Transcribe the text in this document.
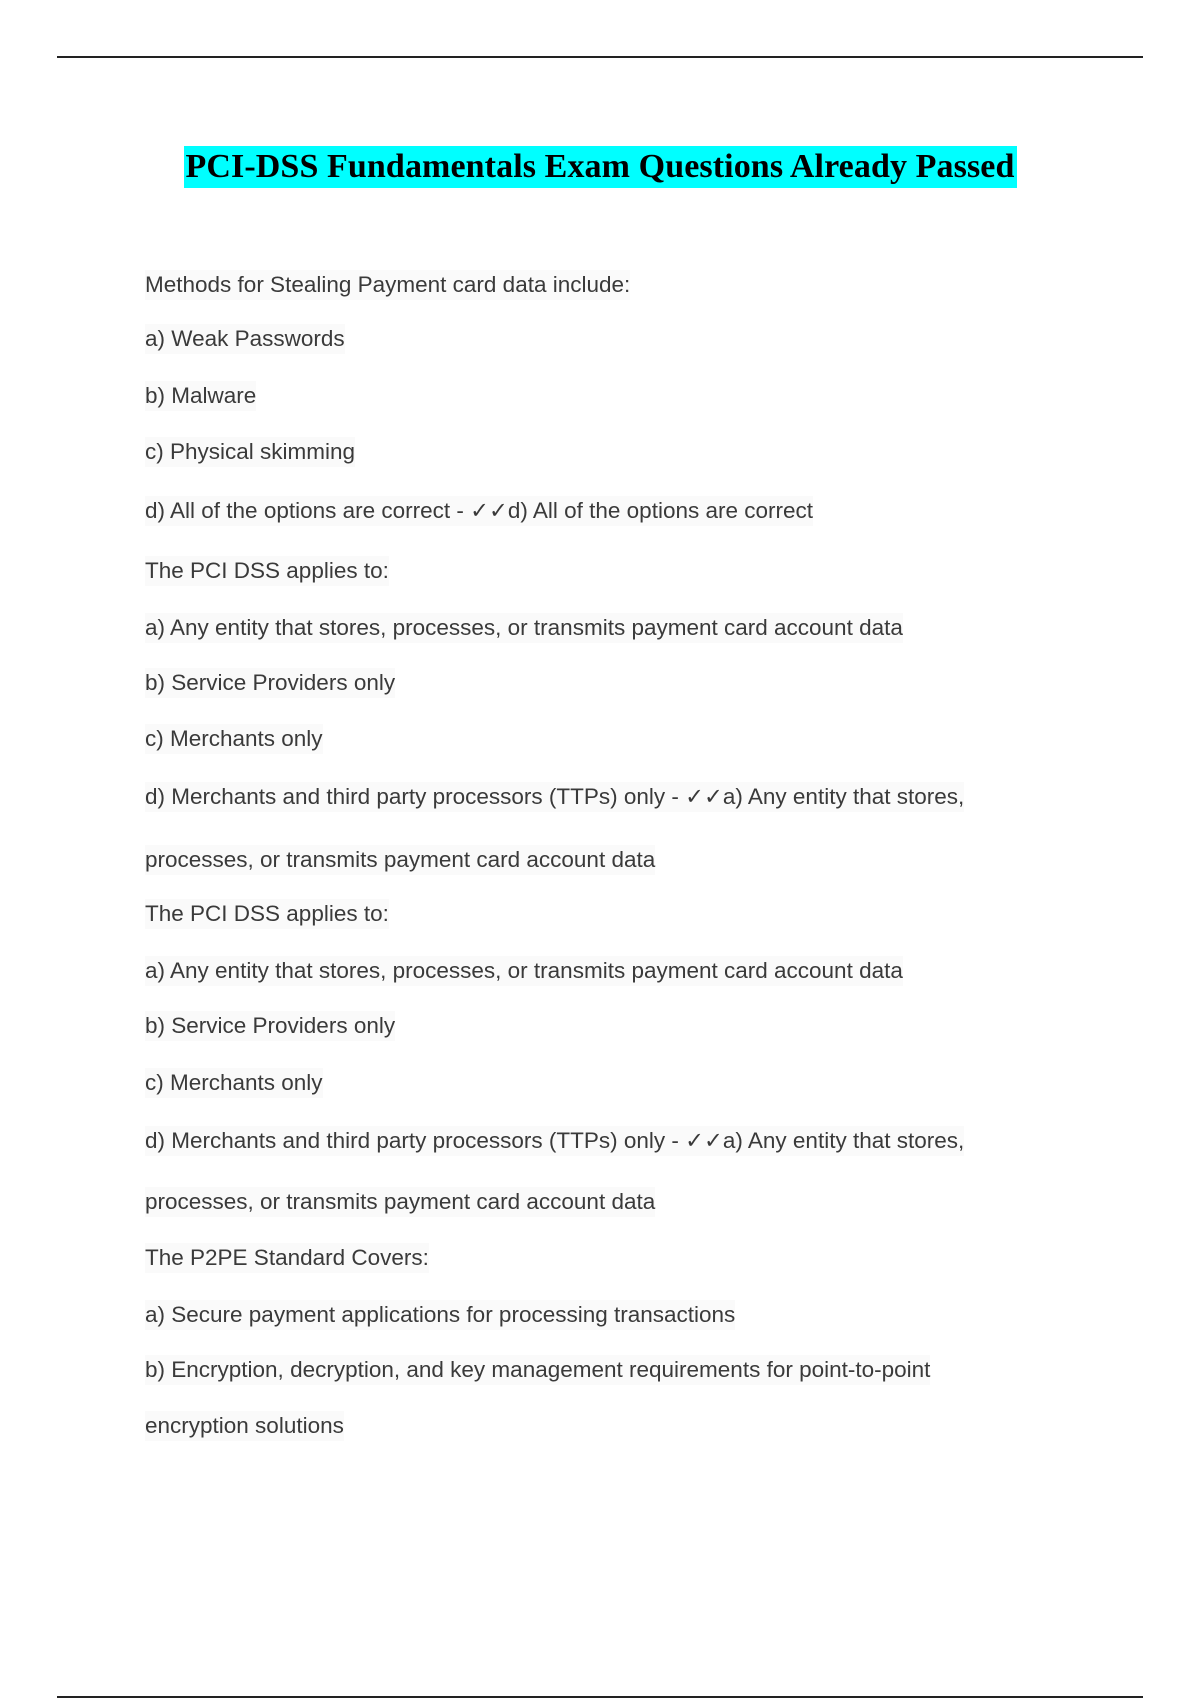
PCI-DSS Fundamentals Exam Questions Already Passed
Methods for Stealing Payment card data include:
a) Weak Passwords
b) Malware
c) Physical skimming
d) All of the options are correct - ✓✓d) All of the options are correct
The PCI DSS applies to:
a) Any entity that stores, processes, or transmits payment card account data
b) Service Providers only
c) Merchants only
d) Merchants and third party processors (TTPs) only - ✓✓a) Any entity that stores,
processes, or transmits payment card account data
The PCI DSS applies to:
a) Any entity that stores, processes, or transmits payment card account data
b) Service Providers only
c) Merchants only
d) Merchants and third party processors (TTPs) only - ✓✓a) Any entity that stores,
processes, or transmits payment card account data
The P2PE Standard Covers:
a) Secure payment applications for processing transactions
b) Encryption, decryption, and key management requirements for point-to-point
encryption solutions
